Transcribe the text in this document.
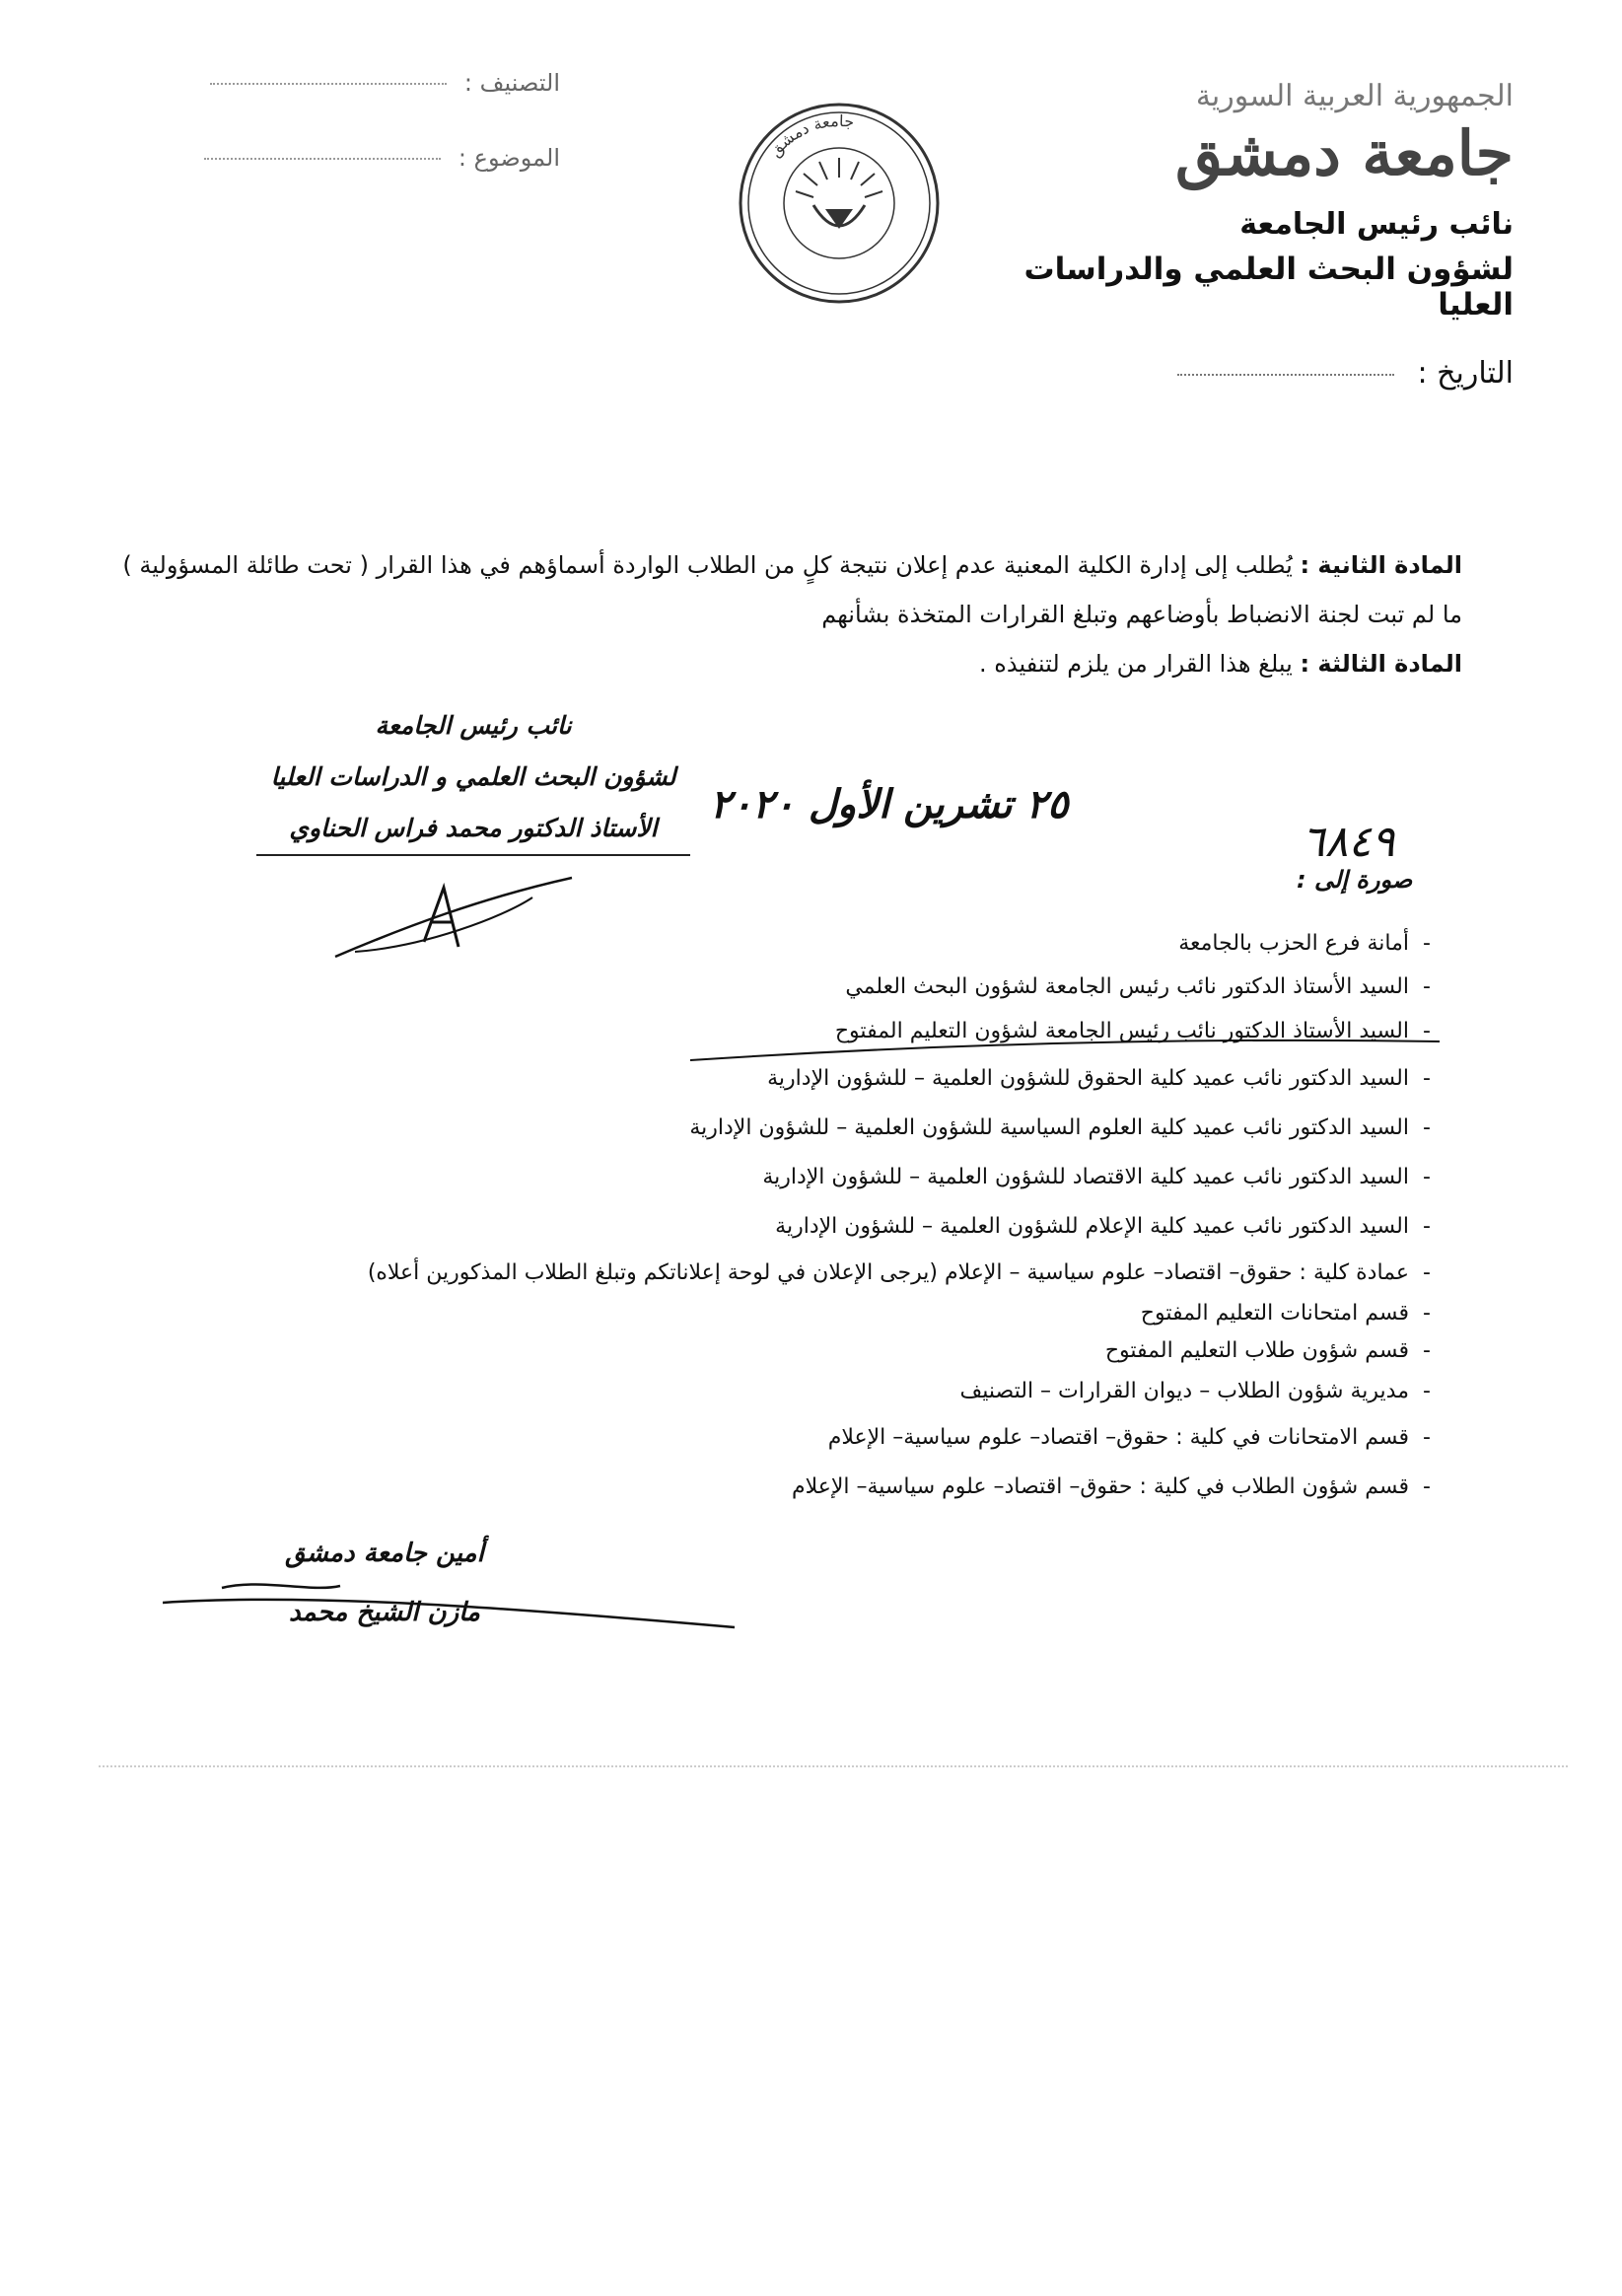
الجمهورية العربية السورية
جامعة دمشق
نائب رئيس الجامعة
لشؤون البحث العلمي والدراسات العليا
التاريخ :
التصنيف :
الموضوع :	جامعة دمشق
المادة الثانية : يُطلب إلى إدارة الكلية المعنية عدم إعلان نتيجة كلٍ من الطلاب الواردة أسماؤهم في هذا القرار ( تحت طائلة المسؤولية )
ما لم تبت لجنة الانضباط بأوضاعهم وتبلغ القرارات المتخذة بشأنهم
المادة الثالثة : يبلغ هذا القرار من يلزم لتنفيذه .
نائب رئيس الجامعة
لشؤون البحث العلمي و الدراسات العليا
الأستاذ الدكتور محمد فراس الحناوي
٢٥ تشرين الأول ٢٠٢٠
٦٨٤٩
صورة إلى :
-
أمانة فرع الحزب بالجامعة
-
السيد الأستاذ الدكتور نائب رئيس الجامعة لشؤون البحث العلمي
-
السيد الأستاذ الدكتور نائب رئيس الجامعة لشؤون التعليم المفتوح
-
السيد الدكتور نائب عميد كلية الحقوق للشؤون العلمية – للشؤون الإدارية
-
السيد الدكتور نائب عميد كلية العلوم السياسية للشؤون العلمية – للشؤون الإدارية
-
السيد الدكتور نائب عميد كلية الاقتصاد للشؤون العلمية – للشؤون الإدارية
-
السيد الدكتور نائب عميد كلية الإعلام للشؤون العلمية – للشؤون الإدارية
-
عمادة كلية : حقوق– اقتصاد– علوم سياسية – الإعلام (يرجى الإعلان في لوحة إعلاناتكم وتبلغ الطلاب المذكورين أعلاه)
-
قسم امتحانات التعليم المفتوح
-
قسم شؤون طلاب التعليم المفتوح
-
مديرية شؤون الطلاب – ديوان القرارات – التصنيف
-
قسم الامتحانات في كلية : حقوق– اقتصاد– علوم سياسية– الإعلام
-
قسم شؤون الطلاب في كلية : حقوق– اقتصاد– علوم سياسية– الإعلام
أمين جامعة دمشق
مازن الشيخ محمد
